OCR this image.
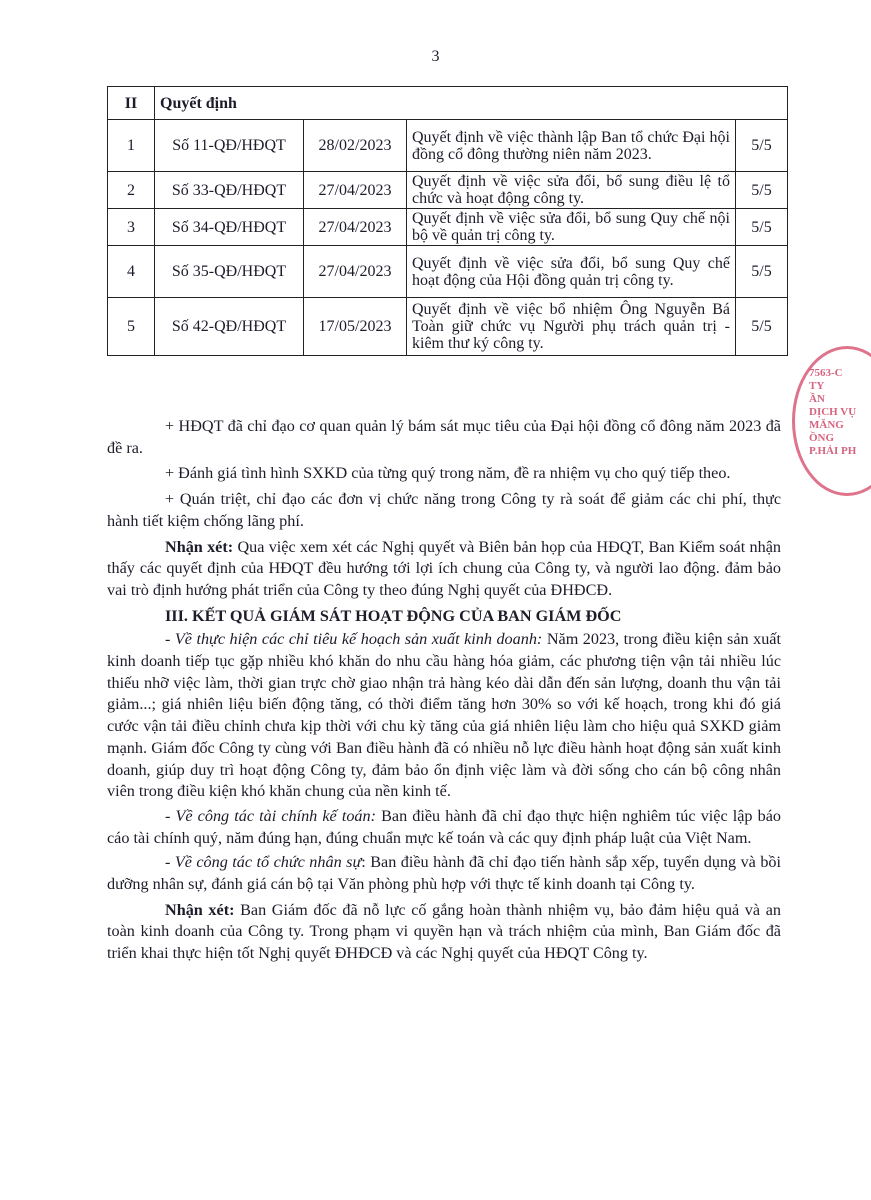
3
II	Quyết định			
1	Số 11-QĐ/HĐQT	28/02/2023	Quyết định về việc thành lập Ban tổ chức Đại hội đồng cổ đông thường niên năm 2023.	5/5
2	Số 33-QĐ/HĐQT	27/04/2023	Quyết định về việc sửa đổi, bổ sung điều lệ tổ chức và hoạt động công ty.	5/5
3	Số 34-QĐ/HĐQT	27/04/2023	Quyết định về việc sửa đổi, bổ sung Quy chế nội bộ về quản trị công ty.	5/5
4	Số 35-QĐ/HĐQT	27/04/2023	Quyết định về việc sửa đổi, bổ sung Quy chế hoạt động của Hội đồng quản trị công ty.	5/5
5	Số 42-QĐ/HĐQT	17/05/2023	Quyết định về việc bổ nhiệm Ông Nguyễn Bá Toàn giữ chức vụ Người phụ trách quản trị - kiêm thư ký công ty.	5/5
7563-C
TY
ẦN
DỊCH VỤ
MĂNG
ỒNG
P.HẢI PH

+ HĐQT đã chỉ đạo cơ quan quản lý bám sát mục tiêu của Đại hội đồng cổ đông năm 2023 đã đề ra.

+ Đánh giá tình hình SXKD của từng quý trong năm, đề ra nhiệm vụ cho quý tiếp theo.

+ Quán triệt, chỉ đạo các đơn vị chức năng trong Công ty rà soát để giảm các chi phí, thực hành tiết kiệm chống lãng phí.

Nhận xét: Qua việc xem xét các Nghị quyết và Biên bản họp của HĐQT, Ban Kiểm soát nhận thấy các quyết định của HĐQT đều hướng tới lợi ích chung của Công ty, và người lao động. đảm bảo vai trò định hướng phát triển của Công ty theo đúng Nghị quyết của ĐHĐCĐ.

III. KẾT QUẢ GIÁM SÁT HOẠT ĐỘNG CỦA BAN GIÁM ĐỐC

- Về thực hiện các chỉ tiêu kế hoạch sản xuất kinh doanh: Năm 2023, trong điều kiện sản xuất kinh doanh tiếp tục gặp nhiều khó khăn do nhu cầu hàng hóa giảm, các phương tiện vận tải nhiều lúc thiếu nhỡ việc làm, thời gian trực chờ giao nhận trả hàng kéo dài dẫn đến sản lượng, doanh thu vận tải giảm...; giá nhiên liệu biến động tăng, có thời điểm tăng hơn 30% so với kế hoạch, trong khi đó giá cước vận tải điều chỉnh chưa kịp thời với chu kỳ tăng của giá nhiên liệu làm cho hiệu quả SXKD giảm mạnh. Giám đốc Công ty cùng với Ban điều hành đã có nhiều nỗ lực điều hành hoạt động sản xuất kinh doanh, giúp duy trì hoạt động Công ty, đảm bảo ổn định việc làm và đời sống cho cán bộ công nhân viên trong điều kiện khó khăn chung của nền kinh tế.

- Về công tác tài chính kế toán: Ban điều hành đã chỉ đạo thực hiện nghiêm túc việc lập báo cáo tài chính quý, năm đúng hạn, đúng chuẩn mực kế toán và các quy định pháp luật của Việt Nam.

- Về công tác tổ chức nhân sự: Ban điều hành đã chỉ đạo tiến hành sắp xếp, tuyển dụng và bồi dưỡng nhân sự, đánh giá cán bộ tại Văn phòng phù hợp với thực tế kinh doanh tại Công ty.

Nhận xét: Ban Giám đốc đã nỗ lực cố gắng hoàn thành nhiệm vụ, bảo đảm hiệu quả và an toàn kinh doanh của Công ty. Trong phạm vi quyền hạn và trách nhiệm của mình, Ban Giám đốc đã triển khai thực hiện tốt Nghị quyết ĐHĐCĐ và các Nghị quyết của HĐQT Công ty.
